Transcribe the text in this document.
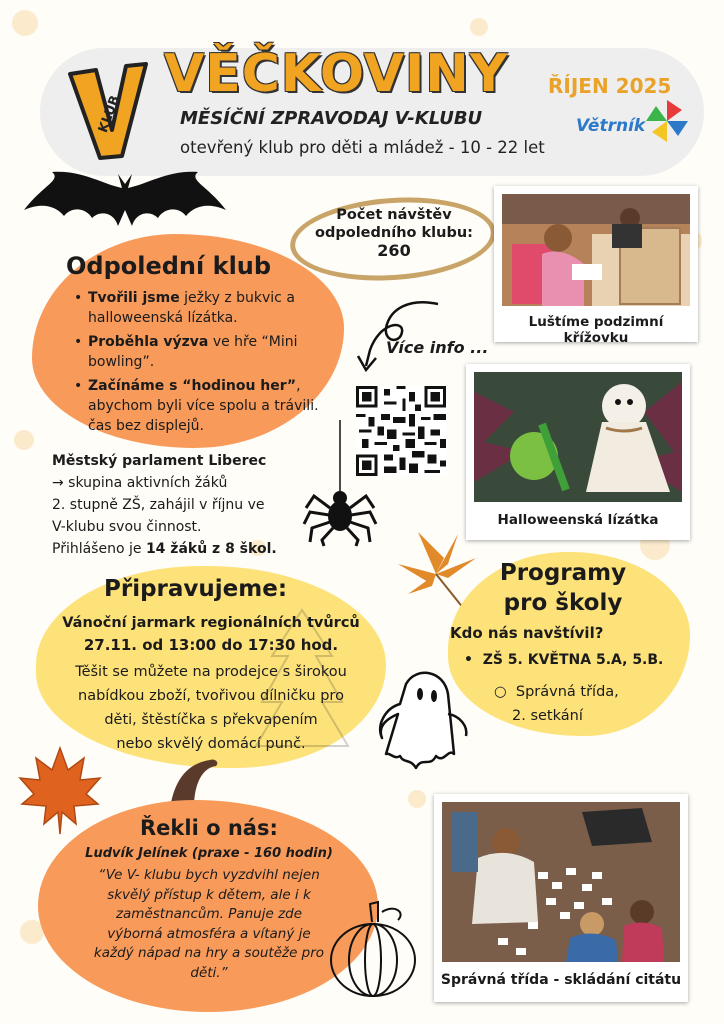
KLUB
VĚČKOVINY ŘÍJEN 2025
MĚSÍČNÍ ZPRAVODAJ V-KLUBU
otevřený klub pro děti a mládež - 10 - 22 let
Větrník
Odpolední klub
• Tvořili jsme ježky z bukvic a halloweenská lízátka.
• Proběhla výzva ve hře “Mini bowling”.
• Začínáme s “hodinou her”, abychom byli více spolu a trávili. čas bez displejů.
Městský parlament Liberec
→ skupina aktivních žáků
2. stupně ZŠ, zahájil v říjnu ve
V-klubu svou činnost.
Přihlášeno je 14 žáků z 8 škol.
Počet návštěv
odpoledního klubu:
260
Více info ...
Luštíme podzimní křížovku
Halloweenská lízátka
Programy
pro školy
Kdo nás navštívil?
•  ZŠ 5. KVĚTNA 5.A, 5.B.
○  Správná třída,
2. setkání
Připravujeme:
Vánoční jarmark regionálních tvůrců
27.11. od 13:00 do 17:30 hod.
Těšit se můžete na prodejce s širokou
nabídkou zboží, tvořivou dílničku pro
děti, štěstíčka s překvapením
nebo skvělý domácí punč.
Řekli o nás:
Ludvík Jelínek (praxe - 160 hodin)
“Ve V- klubu bych vyzdvihl nejen
skvělý přístup k dětem, ale i k
zaměstnancům. Panuje zde
výborná atmosféra a vítaný je
každý nápad na hry a soutěže pro
děti.”	Správná třída - skládání citátu
